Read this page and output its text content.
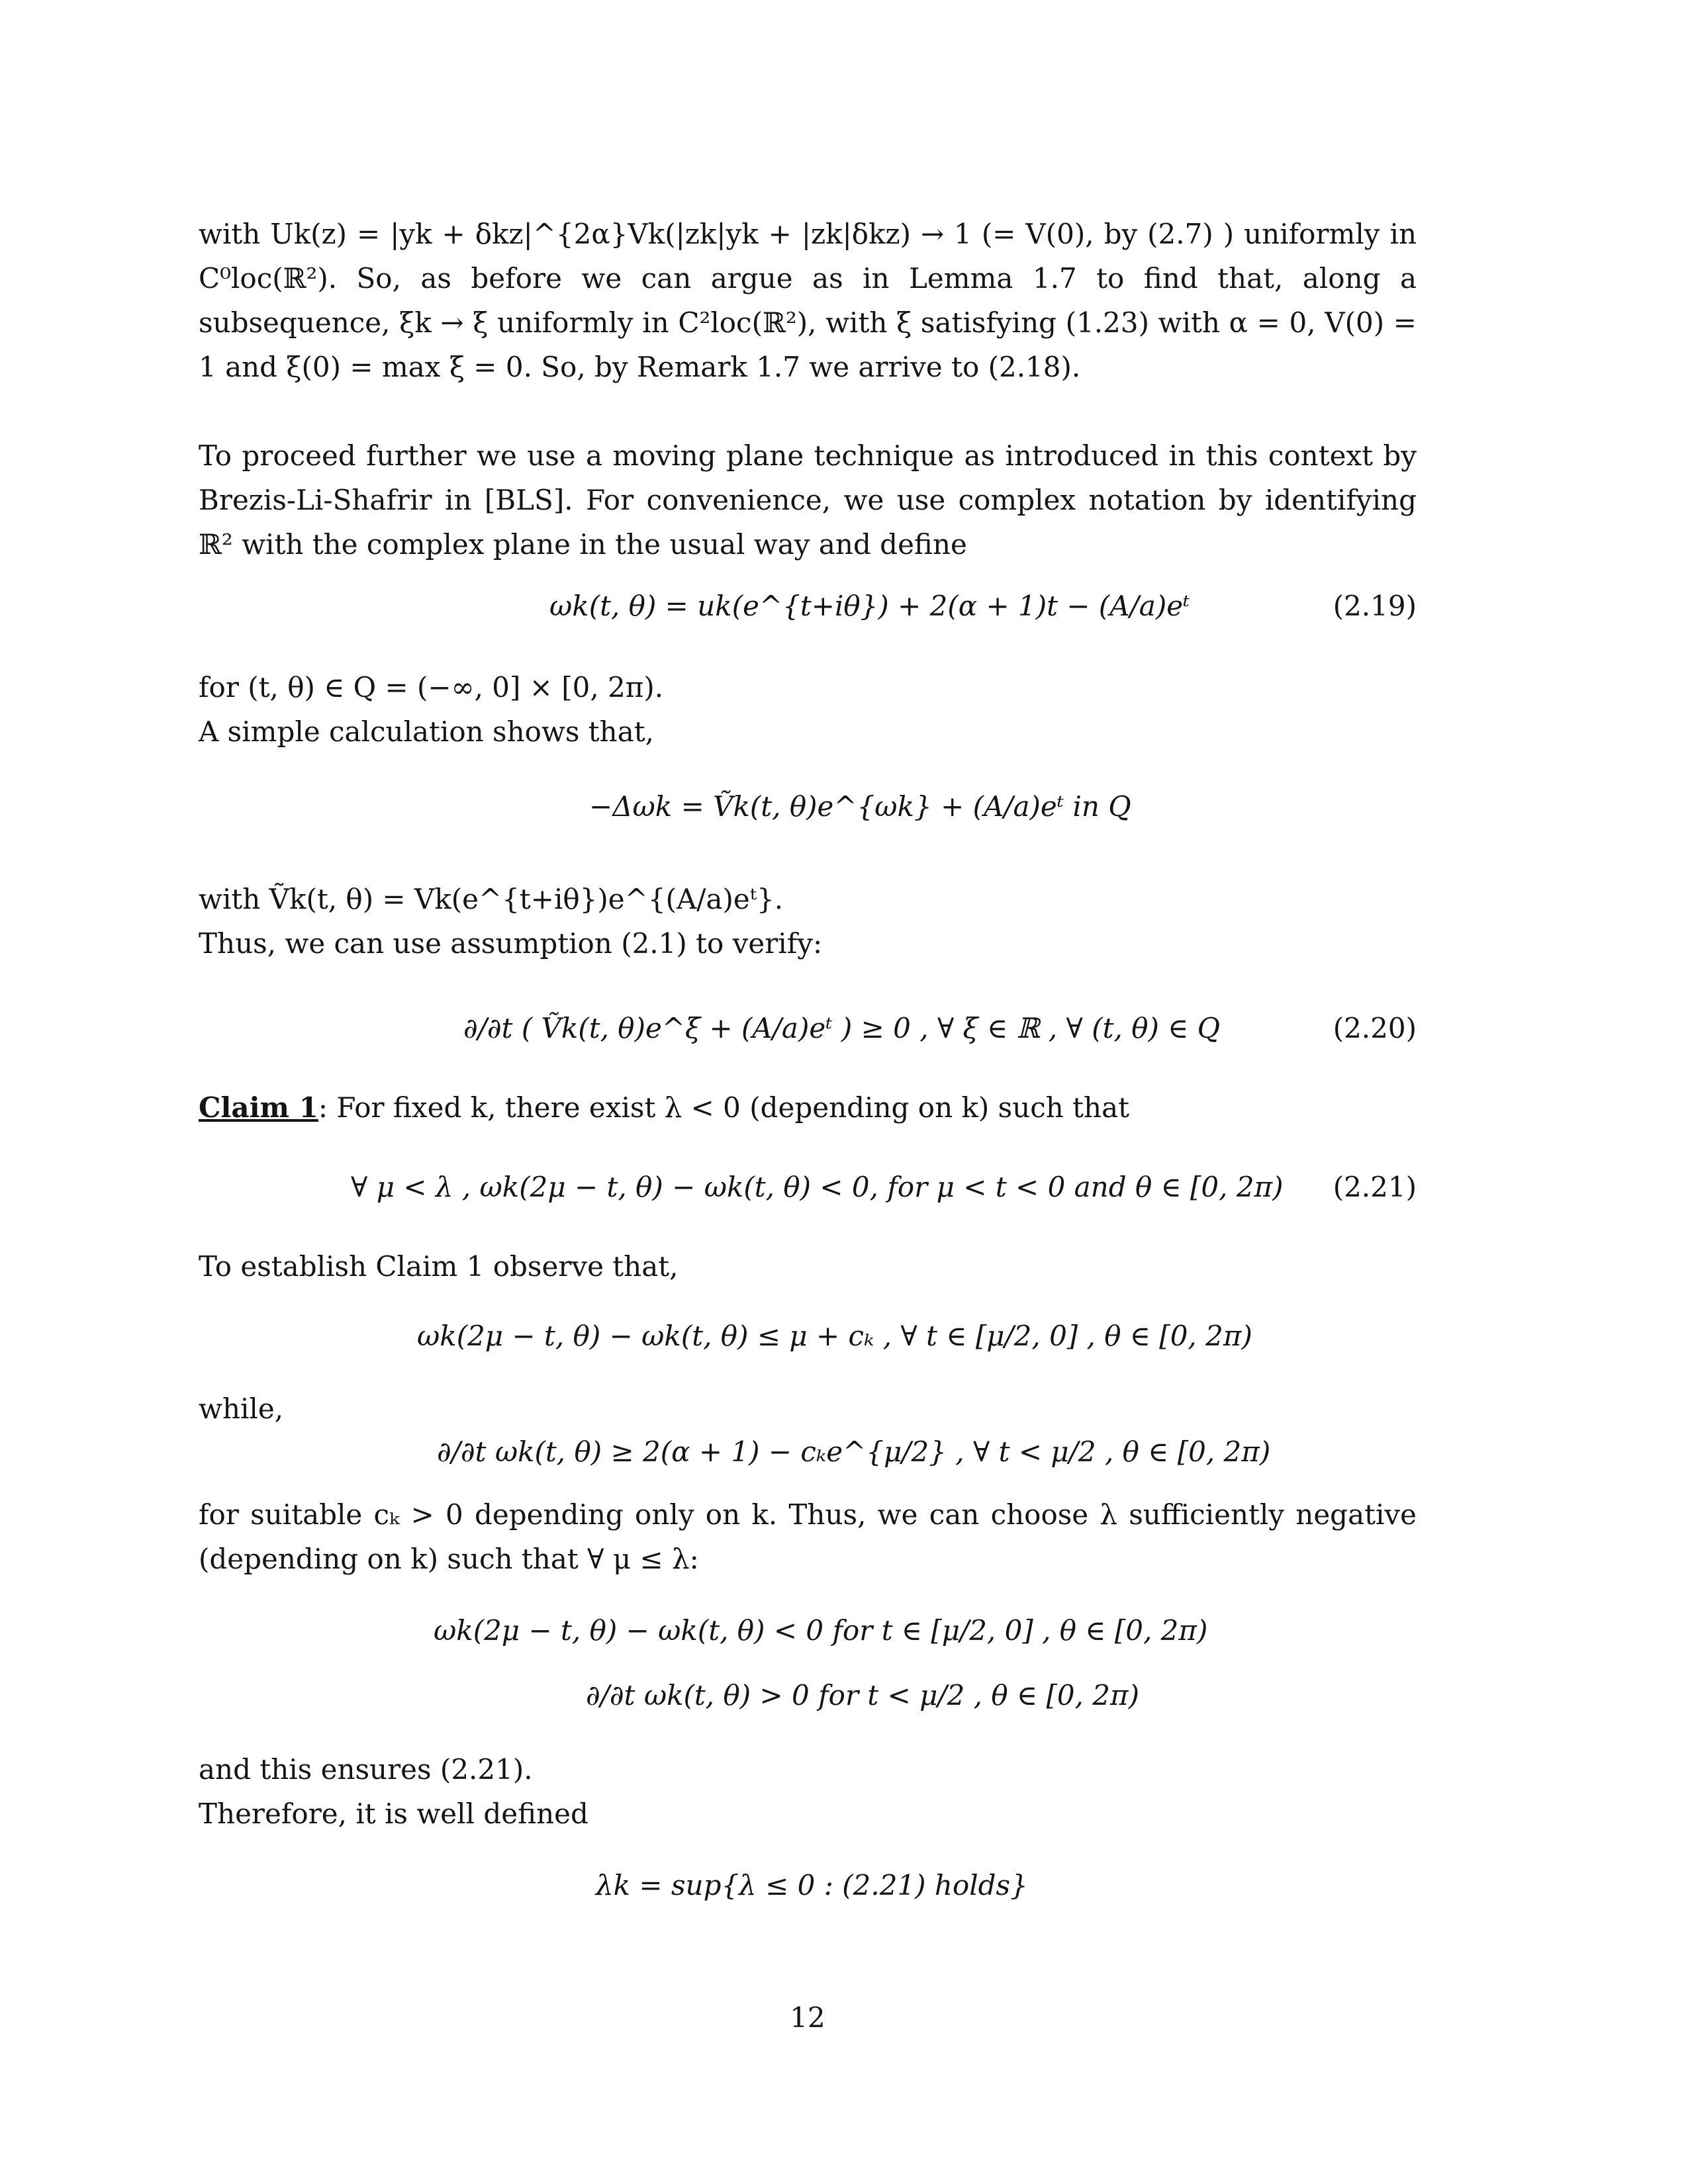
with Uk(z) = |yk + δkz|^{2α}Vk(|zk|yk + |zk|δkz) → 1 (= V(0), by (2.7) ) uniformly in C⁰loc(ℝ²). So, as before we can argue as in Lemma 1.7 to find that, along a subsequence, ξk → ξ uniformly in C²loc(ℝ²), with ξ satisfying (1.23) with α = 0, V(0) = 1 and ξ(0) = max ξ = 0. So, by Remark 1.7 we arrive to (2.18).

To proceed further we use a moving plane technique as introduced in this context by Brezis-Li-Shafrir in [BLS]. For convenience, we use complex notation by identifying ℝ² with the complex plane in the usual way and define

ωk(t, θ) = uk(e^{t+iθ}) + 2(α + 1)t − (A/a)eᵗ	(2.19)

for (t, θ) ∈ Q = (−∞, 0] × [0, 2π).

A simple calculation shows that,

−Δωk = Ṽk(t, θ)e^{ωk} + (A/a)eᵗ in Q

with Ṽk(t, θ) = Vk(e^{t+iθ})e^{(A/a)eᵗ}.

Thus, we can use assumption (2.1) to verify:

∂/∂t ( Ṽk(t, θ)e^ξ + (A/a)eᵗ ) ≥ 0 , ∀ ξ ∈ ℝ , ∀ (t, θ) ∈ Q	(2.20)

Claim 1: For fixed k, there exist λ < 0 (depending on k) such that

∀ μ < λ , ωk(2μ − t, θ) − ωk(t, θ) < 0, for μ < t < 0 and θ ∈ [0, 2π) (2.21)

To establish Claim 1 observe that,

ωk(2μ − t, θ) − ωk(t, θ) ≤ μ + cₖ , ∀ t ∈ [μ/2, 0] , θ ∈ [0, 2π)

while,

∂/∂t ωk(t, θ) ≥ 2(α + 1) − cₖe^{μ/2} , ∀ t < μ/2 , θ ∈ [0, 2π)

for suitable cₖ > 0 depending only on k. Thus, we can choose λ sufficiently negative (depending on k) such that ∀ μ ≤ λ:

ωk(2μ − t, θ) − ωk(t, θ) < 0 for t ∈ [μ/2, 0] , θ ∈ [0, 2π)
∂/∂t ωk(t, θ) > 0 for t < μ/2 , θ ∈ [0, 2π)

and this ensures (2.21).

Therefore, it is well defined

λk = sup{λ ≤ 0 : (2.21) holds}
12
